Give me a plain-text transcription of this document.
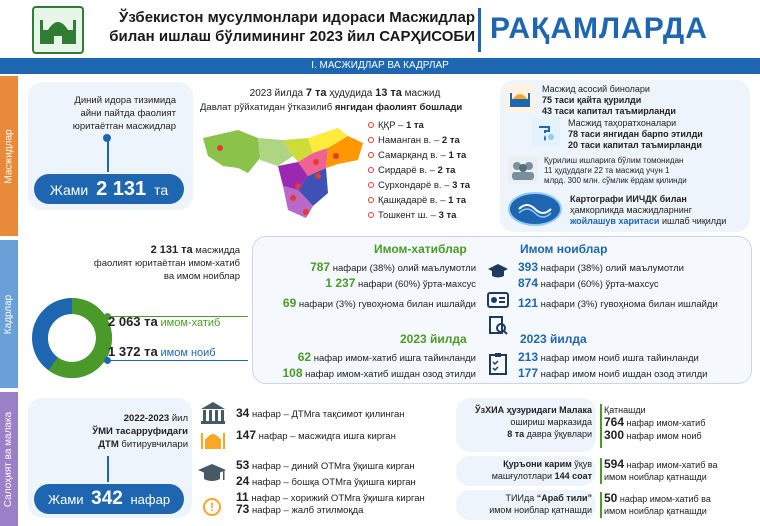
Ўзбекистон мусулмонлари идораси Масжидлар
билан ишлаш бўлимининг 2023 йил САРҲИСОБИ РАҚАМЛАРДА
I. МАСЖИДЛАР ВА КАДРЛАР
Масжидлар
Кадрлар
Салоҳият ва малака
Диний идора тизимида
айни пайтда фаолият
юритаётган масжидлар
Жами 2 131 та
2023 йилда 7 та ҳудудида 13 та масжид
Давлат рўйхатидан ўтказилиб янгидан фаолият бошлади
ҚҚР – 1 та
Наманган в. – 2 та
Самарқанд в. – 1 та
Сирдарё в. – 2 та
Сурхондарё в. – 3 та
Қашқадарё в. – 1 та
Тошкент ш. – 3 та
Масжид асосий бинолари
75 таси қайта қурилди
43 таси капитал таъмирланди
Масжид таҳоратхоналари
78 таси янгидан барпо этилди
20 таси капитал таъмирланди
Қурилиш ишларига бўлим томонидан
11 ҳудуддаги 22 та масжид учун 1
млрд. 300 млн. сўмлик ёрдам қилинди
Картографи ИИЧДК билан
ҳамкорликда масжидларнинг
жойлашув харитаси ишлаб чиқилди
2 131 та масжидда
фаолият юритаётган имом-хатиб
ва имом ноиблар
2 063 та имом-хатиб
1 372 та имом ноиб
Имом-хатиблар	Имом ноиблар
787 нафари (38%) олий маълумотли
1 237 нафари (60%) ўрта-махсус
69 нафари (3%) гувоҳнома билан ишлайди
393 нафари (38%) олий маълумотли
874 нафари (60%) ўрта-махсус
121 нафари (3%) гувоҳнома билан ишлайди
2023 йилда	2023 йилда
62 нафар имом-хатиб ишга тайинланди
108 нафар имом-хатиб ишдан озод этилди
213 нафар имом ноиб ишга тайинланди
177 нафар имом ноиб ишдан озод этилди
2022-2023 йил
ЎМИ тасарруфидаги
ДТМ битирувчилари
Жами 342 нафар	!
34 нафар – ДТМга тақсимот қилинган
147 нафар – масжидга ишга кирган
53 нафар – диний ОТМга ўқишга кирган
24 нафар – бошқа ОТМга ўқишга кирган
11 нафар – хорижий ОТМга ўқишга кирган
73 нафар – жалб этилмоқда
ЎзХИА ҳузуридаги Малака
ошириш марказида
8 та давра ўқувлари
Қатнашди
764 нафар имом-хатиб
300 нафар имом ноиб
Қуръони карим ўқув
машғулотлари 144 соат
594 нафар имом-хатиб ва
имом ноиблар қатнашди
ТИИда “Араб тили”
имом ноиблар қатнашди
50 нафар имом-хатиб ва
имом ноиблар қатнашди
